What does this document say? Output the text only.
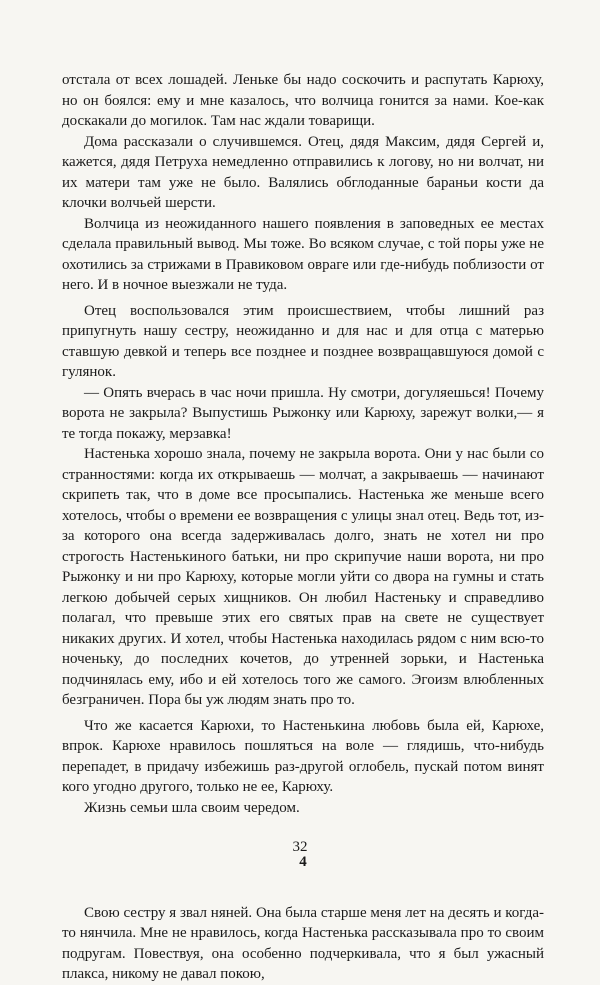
отстала от всех лошадей. Леньке бы надо соскочить и распутать Карюху, но он боялся: ему и мне казалось, что волчица гонится за нами. Кое-как доскакали до могилок. Там нас ждали товарищи.

Дома рассказали о случившемся. Отец, дядя Максим, дядя Сергей и, кажется, дядя Петруха немедленно отправились к логову, но ни волчат, ни их матери там уже не было. Валялись обглоданные бараньи кости да клочки волчьей шерсти.

Волчица из неожиданного нашего появления в заповедных ее местах сделала правильный вывод. Мы тоже. Во всяком случае, с той поры уже не охотились за стрижами в Правиковом овраге или где-нибудь поблизости от него. И в ночное выезжали не туда.

Отец воспользовался этим происшествием, чтобы лишний раз припугнуть нашу сестру, неожиданно и для нас и для отца с матерью ставшую девкой и теперь все позднее и позднее возвращавшуюся домой с гулянок.

— Опять вчерась в час ночи пришла. Ну смотри, догуляешься! Почему ворота не закрыла? Выпустишь Рыжонку или Карюху, зарежут волки,— я те тогда покажу, мерзавка!

Настенька хорошо знала, почему не закрыла ворота. Они у нас были со странностями: когда их открываешь — молчат, а закрываешь — начинают скрипеть так, что в доме все просыпались. Настенька же меньше всего хотелось, чтобы о времени ее возвращения с улицы знал отец. Ведь тот, из-за которого она всегда задерживалась долго, знать не хотел ни про строгость Настенькиного батьки, ни про скрипучие наши ворота, ни про Рыжонку и ни про Карюху, которые могли уйти со двора на гумны и стать легкою добычей серых хищников. Он любил Настеньку и справедливо полагал, что превыше этих его святых прав на свете не существует никаких других. И хотел, чтобы Настенька находилась рядом с ним всю-то ноченьку, до последних кочетов, до утренней зорьки, и Настенька подчинялась ему, ибо и ей хотелось того же самого. Эгоизм влюбленных безграничен. Пора бы уж людям знать про то.

Что же касается Карюхи, то Настенькина любовь была ей, Карюхе, впрок. Карюхе нравилось пошляться на воле — глядишь, что-нибудь перепадет, в придачу избежишь раз-другой оглобель, пускай потом винят кого угодно другого, только не ее, Карюху.

Жизнь семьи шла своим чередом.

4

Свою сестру я звал няней. Она была старше меня лет на десять и когда-то нянчила. Мне не нравилось, когда Настенька рассказывала про то своим подругам. Повествуя, она особенно подчеркивала, что я был ужасный плакса, никому не давал покою,

32
